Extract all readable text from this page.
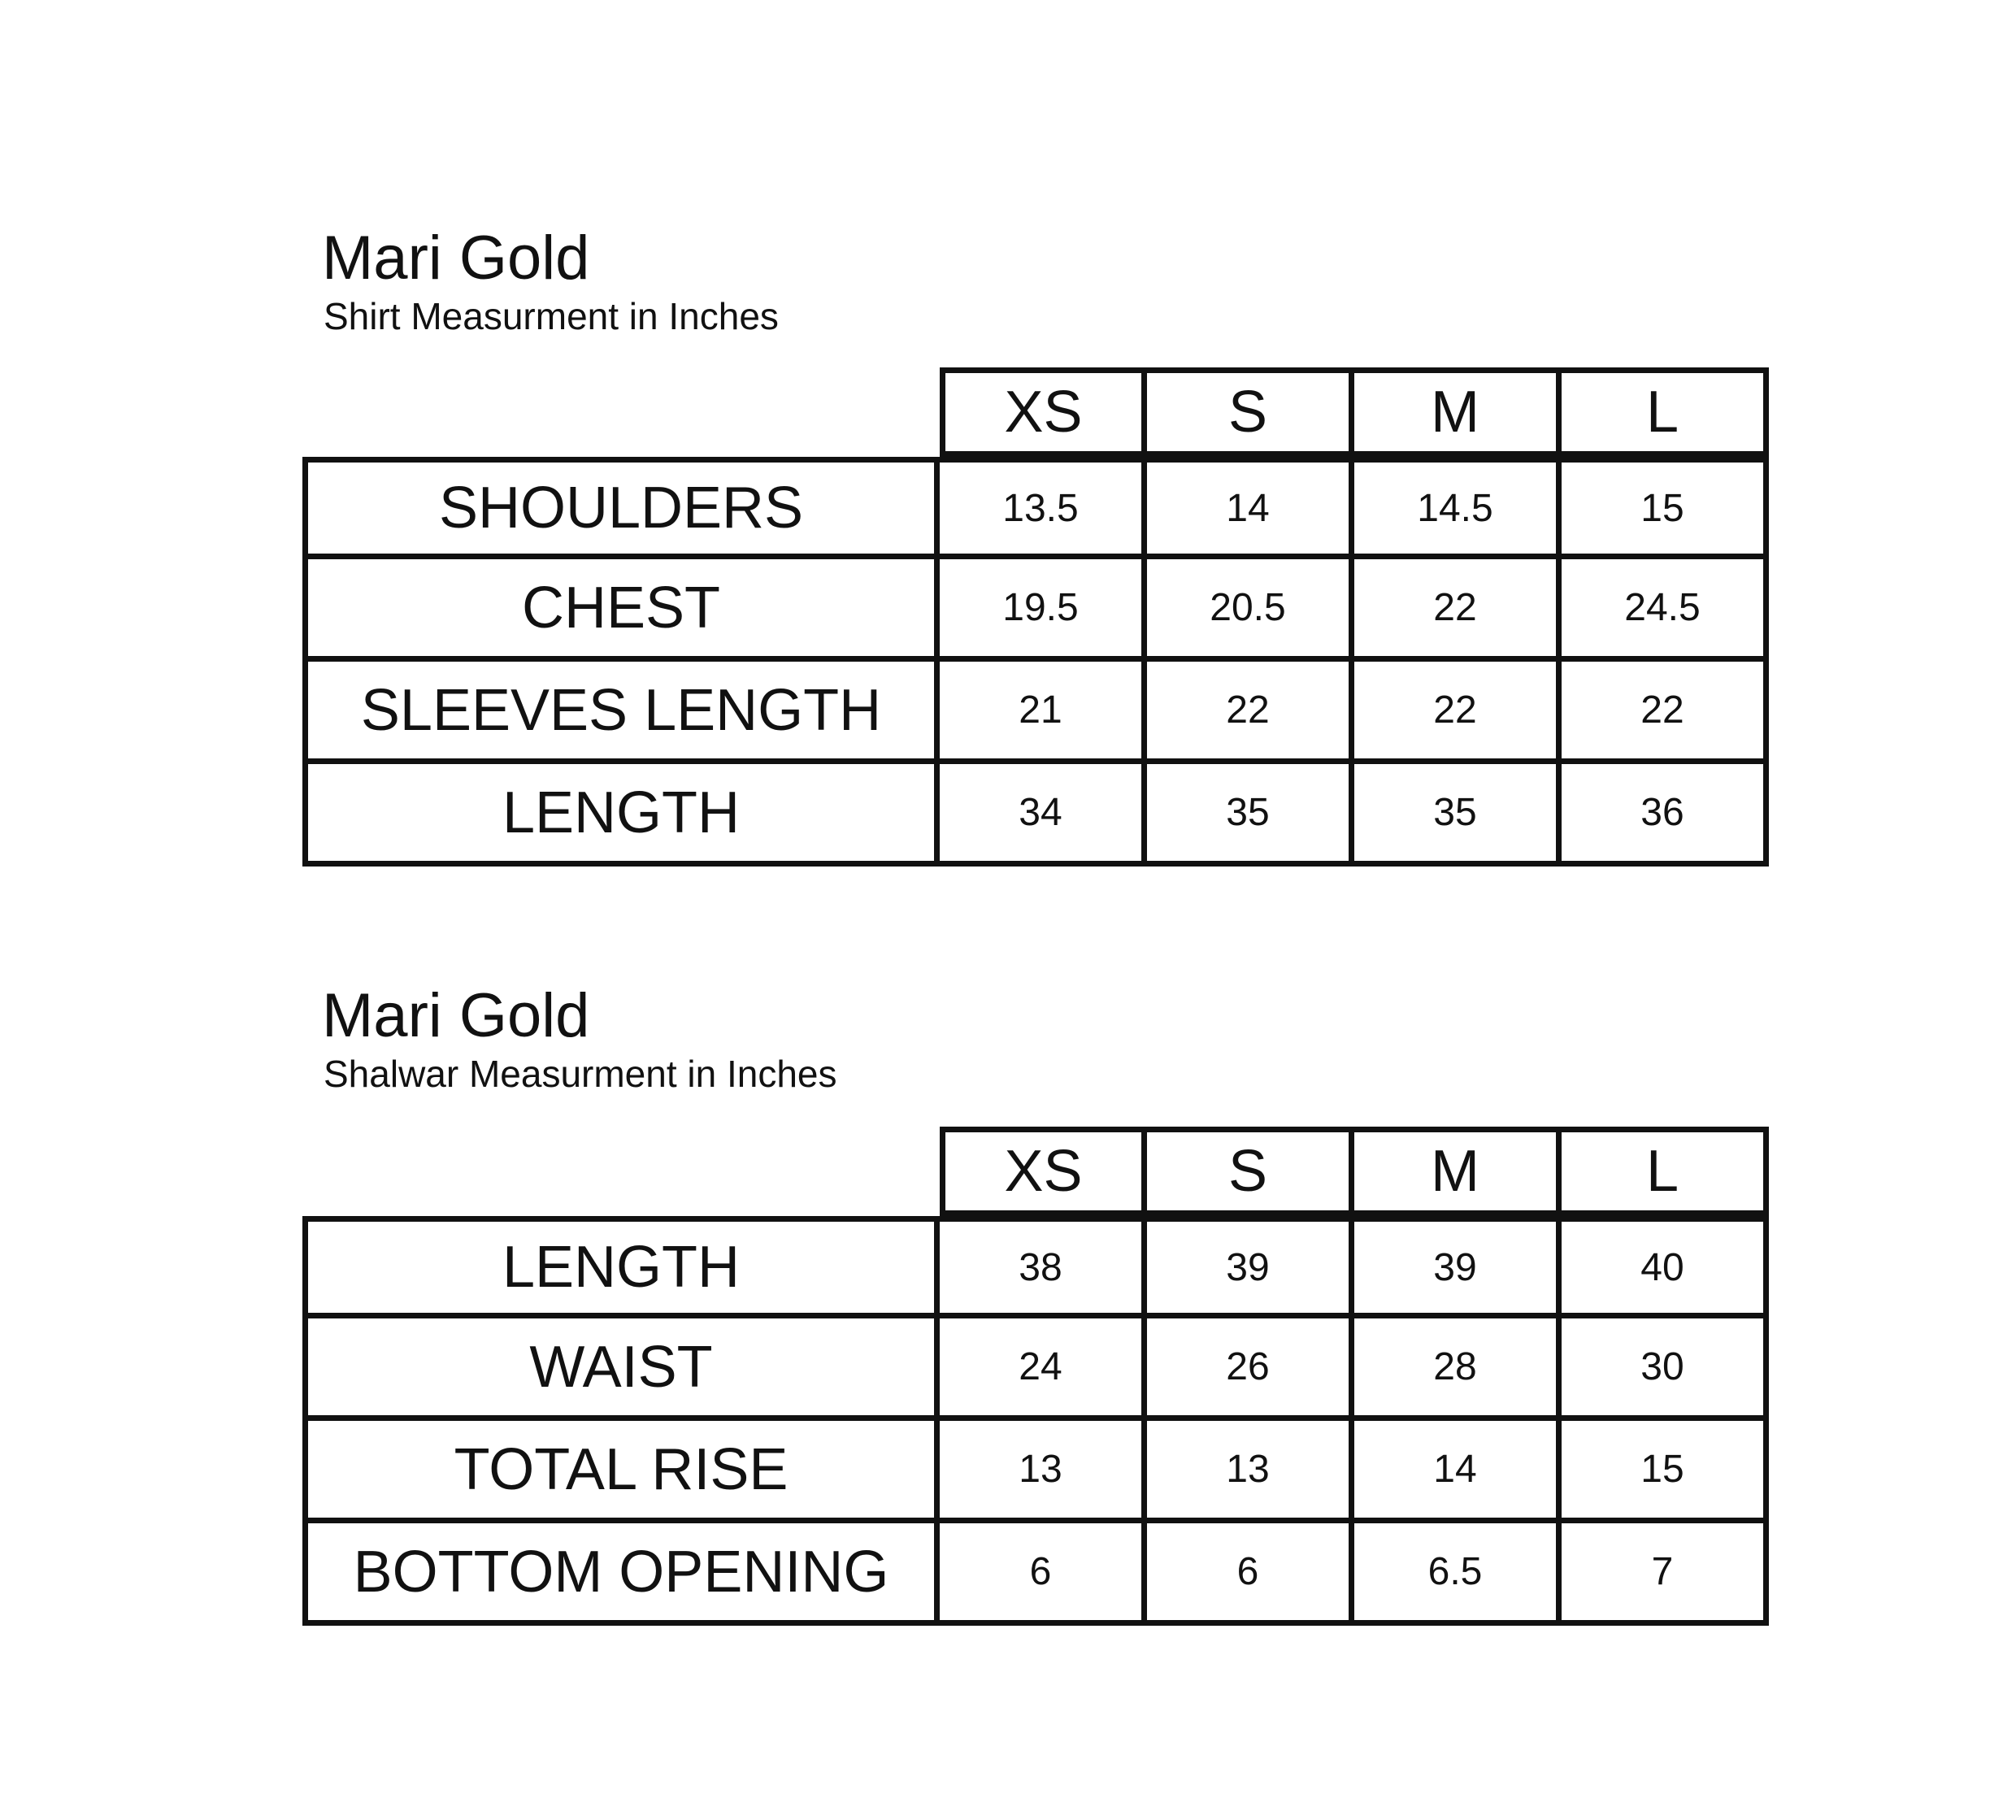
Mari Gold

Shirt Measurment in Inches

XS	S	M	L
SHOULDERS	13.5	14	14.5	15
CHEST	19.5	20.5	22	24.5
SLEEVES LENGTH	21	22	22	22
LENGTH	34	35	35	36
Mari Gold

Shalwar Measurment in Inches

XS	S	M	L
LENGTH	38	39	39	40
WAIST	24	26	28	30
TOTAL RISE	13	13	14	15
BOTTOM OPENING	6	6	6.5	7
